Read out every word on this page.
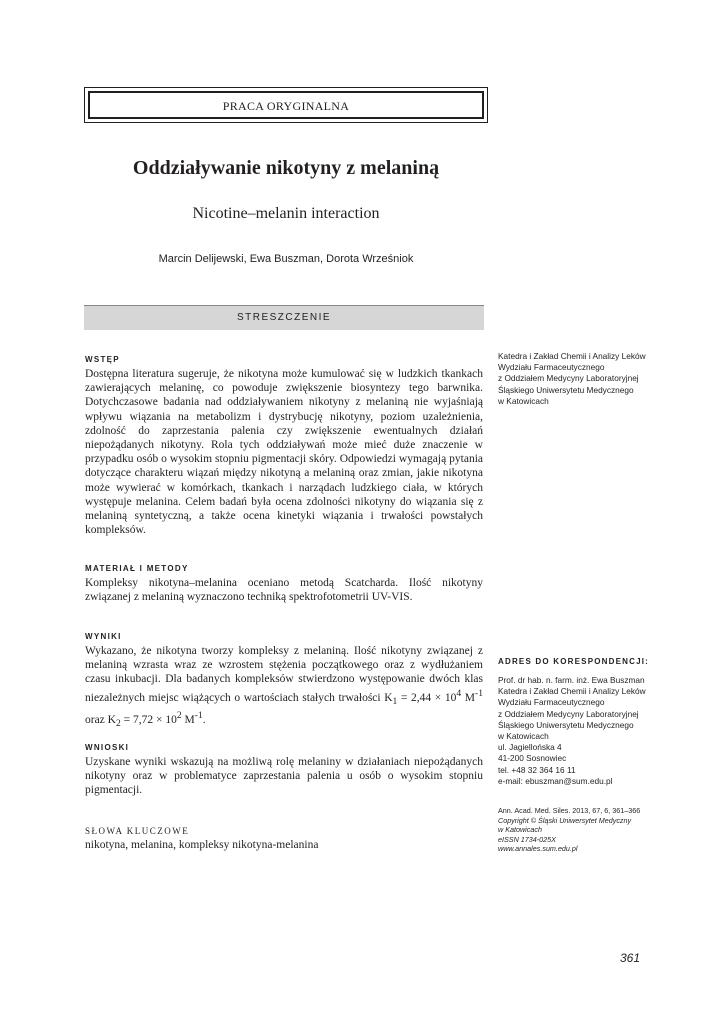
PRACA ORYGINALNA
Oddziaływanie nikotyny z melaniną
Nicotine–melanin interaction
Marcin Delijewski, Ewa Buszman, Dorota Wrześniok
STRESZCZENIE

WSTĘP

Dostępna literatura sugeruje, że nikotyna może kumulować się w ludzkich tkankach zawierających melaninę, co powoduje zwiększenie biosyntezy tego barwnika. Dotychczasowe badania nad oddziaływaniem nikotyny z melaniną nie wyjaśniają wpływu wiązania na metabolizm i dystrybucję nikotyny, poziom uzależnienia, zdolność do zaprzestania palenia czy zwiększenie ewentualnych działań niepożądanych nikotyny. Rola tych oddziaływań może mieć duże znaczenie w przypadku osób o wysokim stopniu pigmentacji skóry. Odpowiedzi wymagają pytania dotyczące charakteru wiązań między nikotyną a melaniną oraz zmian, jakie nikotyna może wywierać w komórkach, tkankach i narządach ludzkiego ciała, w których występuje melanina. Celem badań była ocena zdolności nikotyny do wiązania się z melaniną syntetyczną, a także ocena kinetyki wiązania i trwałości powstałych kompleksów.

MATERIAŁ I METODY

Kompleksy nikotyna–melanina oceniano metodą Scatcharda. Ilość nikotyny związanej z melaniną wyznaczono techniką spektrofotometrii UV-VIS.

WYNIKI

Wykazano, że nikotyna tworzy kompleksy z melaniną. Ilość nikotyny związanej z melaniną wzrasta wraz ze wzrostem stężenia początkowego oraz z wydłużaniem czasu inkubacji. Dla badanych kompleksów stwierdzono występowanie dwóch klas niezależnych miejsc wiążących o wartościach stałych trwałości $K_1 = 2,44 \times 10^4$ $M^{-1}$ oraz $K_2 = 7,72 \times 10^2$ $M^{-1}$.

WNIOSKI

Uzyskane wyniki wskazują na możliwą rolę melaniny w działaniach niepożądanych nikotyny oraz w problematyce zaprzestania palenia u osób o wysokim stopniu pigmentacji.

SŁOWA KLUCZOWE

nikotyna, melanina, kompleksy nikotyna-melanina

Katedra i Zakład Chemii i Analizy Leków

Wydziału Farmaceutycznego

z Oddziałem Medycyny Laboratoryjnej

Śląskiego Uniwersytetu Medycznego

w Katowicach

ADRES DO KORESPONDENCJI:

Prof. dr hab. n. farm. inż. Ewa Buszman

Katedra i Zakład Chemii i Analizy Leków

Wydziału Farmaceutycznego

z Oddziałem Medycyny Laboratoryjnej

Śląskiego Uniwersytetu Medycznego

w Katowicach

ul. Jagiellońska 4

41-200 Sosnowiec

tel. +48 32 364 16 11

e-mail: ebuszman@sum.edu.pl

Ann. Acad. Med. Siles. 2013, 67, 6, 361–366

Copyright © Śląski Uniwersytet Medyczny

w Katowicach

eISSN 1734-025X

www.annales.sum.edu.pl

361
